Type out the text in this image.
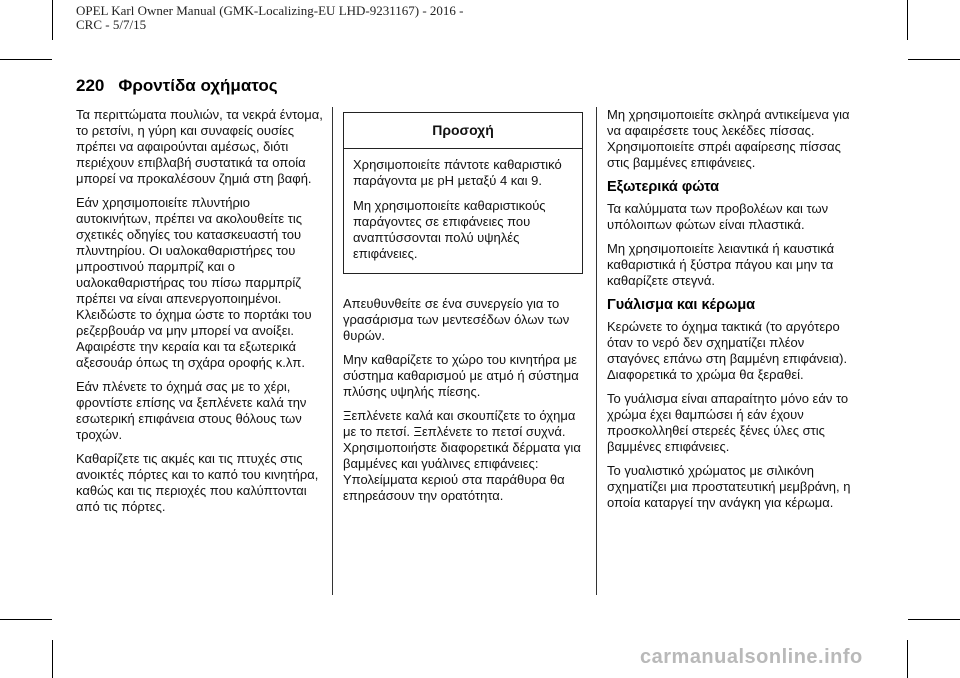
OPEL Karl Owner Manual (GMK-Localizing-EU LHD-9231167) - 2016 -
CRC - 5/7/15
220 Φροντίδα οχήματος

Τα περιττώματα πουλιών, τα νεκρά έντομα, το ρετσίνι, η γύρη και συναφείς ουσίες πρέπει να αφαιρούνται αμέσως, διότι περιέχουν επιβλαβή συστατικά τα οποία μπορεί να προκαλέσουν ζημιά στη βαφή.

Εάν χρησιμοποιείτε πλυντήριο αυτοκινήτων, πρέπει να ακολουθείτε τις σχετικές οδηγίες του κατασκευαστή του πλυντηρίου. Οι υαλοκαθαριστήρες του μπροστινού παρμπρίζ και ο υαλοκαθαριστήρας του πίσω παρμπρίζ πρέπει να είναι απενεργοποιημένοι. Κλειδώστε το όχημα ώστε το πορτάκι του ρεζερβουάρ να μην μπορεί να ανοίξει. Αφαιρέστε την κεραία και τα εξωτερικά αξεσουάρ όπως τη σχάρα οροφής κ.λπ.

Εάν πλένετε το όχημά σας με το χέρι, φροντίστε επίσης να ξεπλένετε καλά την εσωτερική επιφάνεια στους θόλους των τροχών.

Καθαρίζετε τις ακμές και τις πτυχές στις ανοικτές πόρτες και το καπό του κινητήρα, καθώς και τις περιοχές που καλύπτονται από τις πόρτες.

Προσοχή

Χρησιμοποιείτε πάντοτε καθαριστικό παράγοντα με pH μεταξύ 4 και 9.

Μη χρησιμοποιείτε καθαριστικούς παράγοντες σε επιφάνειες που αναπτύσσονται πολύ υψηλές επιφάνειες.

Απευθυνθείτε σε ένα συνεργείο για το γρασάρισμα των μεντεσέδων όλων των θυρών.

Μην καθαρίζετε το χώρο του κινητήρα με σύστημα καθαρισμού με ατμό ή σύστημα πλύσης υψηλής πίεσης.

Ξεπλένετε καλά και σκουπίζετε το όχημα με το πετσί. Ξεπλένετε το πετσί συχνά. Χρησιμοποιήστε διαφορετικά δέρματα για βαμμένες και γυάλινες επιφάνειες: Υπολείμματα κεριού στα παράθυρα θα επηρεάσουν την ορατότητα.

Μη χρησιμοποιείτε σκληρά αντικείμενα για να αφαιρέσετε τους λεκέδες πίσσας. Χρησιμοποιείτε σπρέι αφαίρεσης πίσσας στις βαμμένες επιφάνειες.

Εξωτερικά φώτα

Τα καλύμματα των προβολέων και των υπόλοιπων φώτων είναι πλαστικά.

Μη χρησιμοποιείτε λειαντικά ή καυστικά καθαριστικά ή ξύστρα πάγου και μην τα καθαρίζετε στεγνά.

Γυάλισμα και κέρωμα

Κερώνετε το όχημα τακτικά (το αργότερο όταν το νερό δεν σχηματίζει πλέον σταγόνες επάνω στη βαμμένη επιφάνεια). Διαφορετικά το χρώμα θα ξεραθεί.

Το γυάλισμα είναι απαραίτητο μόνο εάν το χρώμα έχει θαμπώσει ή εάν έχουν προσκολληθεί στερεές ξένες ύλες στις βαμμένες επιφάνειες.

Το γυαλιστικό χρώματος με σιλικόνη σχηματίζει μια προστατευτική μεμβράνη, η οποία καταργεί την ανάγκη για κέρωμα.

carmanualsonline.info
